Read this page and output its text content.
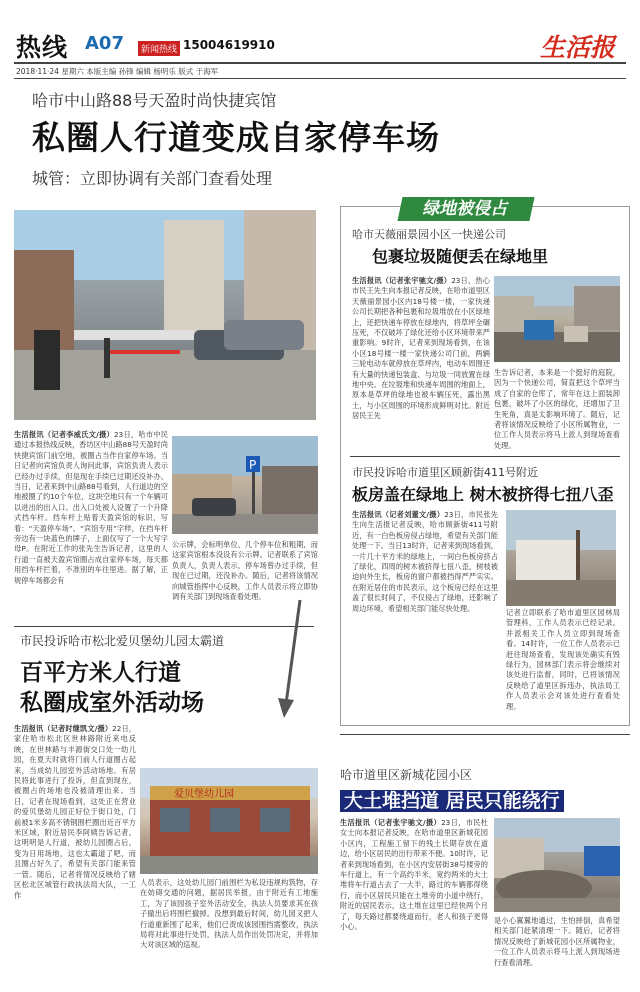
热线 A07	新闻热线 15004619910	生活报
2018·11·24 星期六 本版主编 孙锋 编辑 杨明乐 版式 于海军
哈市中山路88号天盈时尚快捷宾馆
私圈人行道变成自家停车场
城管：立即协调有关部门查看处理
生活报讯（记者李威氏文/摄）23日，哈市中民通过本报热线反映，香坊区中山路88号天盈时尚快捷宾馆门前空地，被圈占当作自家停车场。当日记者向宾馆负责人询问此事，宾馆负责人表示已经办过手续，但是现在手续已过期还没补办。当日，记者来到中山路88号看到，人行道边的空地被圈了约10个车位，这块空地只有一个车辆可以进出的出入口。出入口处被人设置了一个升降式挡车杆。挡车杆上贴着天盈宾馆的标识，写着：“天盈停车场”、“宾馆专用”字样，在挡车杆旁边有一块蓝色的牌子，上面仅写了一个大写字母P。在附近工作的张先生告诉记者，这里的人行道一直被天盈宾馆圈占成自家停车场，每天都用挡车杆拦着，不准别的车往里进。据了解，正规停车场都会有
P
公示牌，会标明单位、几个停车位和粗期，而这家宾馆根本没设有公示牌。记者联系了宾馆负责人，负责人表示，停车场曾办过手续，但现在已过期，还没补办。随后，记者将该情况向城管指挥中心反映，工作人员表示将立即协调有关部门到现场查看处理。
绿地被侵占
哈市天薇丽景园小区一快递公司
包裹垃圾随便丢在绿地里
生活报讯（记者张宇驰文/摄）23日，热心市民王先生向本报记者反映，在哈市道里区天薇丽景园小区内18号楼一楼，一家快递公司长期把各种包裹和垃圾堆放在小区绿地上，还把快递车停放在绿地内，将草坪全碾压死，不仅破坏了绿化还给小区环境带来严重影响。9时许，记者来到现场看到，在该小区18号楼一楼一家快递公司门前，两辆三轮电动车就停放在草坪内，电动车周围还有大量的快递包装盒、与垃圾一同放置在绿地中央。在垃圾堆和快递车周围的地面上，原本是草坪的绿地也被车辆压死，露出黑土，与小区周围的环境形成鲜明对比。附近居民王先
生告诉记者，本来是一个挺好的庭院，因为一个快递公司，简直把这个草坪当成了自家的仓库了，常年在这上面装卸包裹，破坏了小区的绿化，还增加了卫生死角，真是太影响环境了。随后，记者将该情况反映给了小区所属物业，一位工作人员表示将马上派人到现场查看处理。
市民投诉哈市道里区顾新街411号附近
板房盖在绿地上 树木被挤得七扭八歪
生活报讯（记者刘董文/摄）23日，市民张先生向生活报记者反映，哈市顾新街411号附近，有一白色板房侵占绿地，希望有关部门能处理一下。当日13时许，记者来到现场看到，一片几十平方米的绿地上，一间白色板房挤占了绿化，四周的树木被挤得七扭八歪，树枝被迫向外生长，板房的窗户都被挡得严严实实。在附近居住的市民表示，这个板房已经在这里盖了很长时间了，不仅侵占了绿地，还影响了周边环境，希望相关部门能尽快处理。	记者立即联系了哈市道里区园林局管理科，工作人员表示已经记录，并派相关工作人员立即到现场查看。14时许，一位工作人员表示已赶往现场查看，发现该处确实有毁绿行为，园林部门表示将会继续对该处进行监督，同时，已将该情况反映给了道里区拆违办，执法局工作人员表示会对该处进行查看处理。
市民投诉哈市松北爱贝堡幼儿园太霸道
百平方米人行道
私圈成室外活动场
生活报讯（记者时继凯文/摄）22日，家住哈市松北区世林路附近来电反映，在世林路与丰源街交口处一幼儿园，在夏天时就将门前人行道圈占起来，当成幼儿园室外活动场地。有居民将此事进行了投诉，但直到现在，被圈占的场地也没被清理出来。当日，记者在现场看到，这处正在营业的爱贝堡幼儿园正好位于街口处，门前被1米多高不锈钢围栏圈出近百平方米区域，附近居民李阿姨告诉记者，这明明是人行道，被幼儿园圈占后，变为日用场地，这也太霸道了吧，而且圈占好久了，希望有关部门能来管一管。随后，记者将情况反映给了辖区松北区城管行政执法局大队，一工作
爱贝堡幼儿园
人员表示，这处幼儿园门前围栏为私设违规构筑物，存在妨碍交通的问题，据居民举报，由于附近有工地施工，为了该园孩子室外活动安全，执法人员要求其在孩子撤出后将围栏撤掉。没想到最后时间，幼儿园又把人行道重新围了起来，他们已责成该园围挡需整改，执法局将对此事进行处罚，执法人员作出处罚决定，并将加大对该区域的巡视。
哈市道里区新城花园小区
大土堆挡道 居民只能绕行
生活报讯（记者张宇驰文/摄）23日，市民杜女士向本报记者反映，在哈市道里区新城花园小区内，工程施工留下的残土长期存放在道边，给小区居民的出行带来不便。10时许，记者来到现场看到，在小区内安居街38号楼旁的车行道上，有一个高约半米，宽约两米的大土堆将车行道占去了一大半，路过的车辆都得绕行，而小区居民只能在土堆旁的小道中绕行，附近的居民表示，这土堆在这里已经快两个月了，每天路过都要绕道而行，老人和孩子更得小心。
是小心翼翼地通过，生怕摔倒，真希望相关部门赶紧清理一下。随后，记者将情况反映给了新城花园小区所属物业，一位工作人员表示将马上派人到现场进行查看清理。
